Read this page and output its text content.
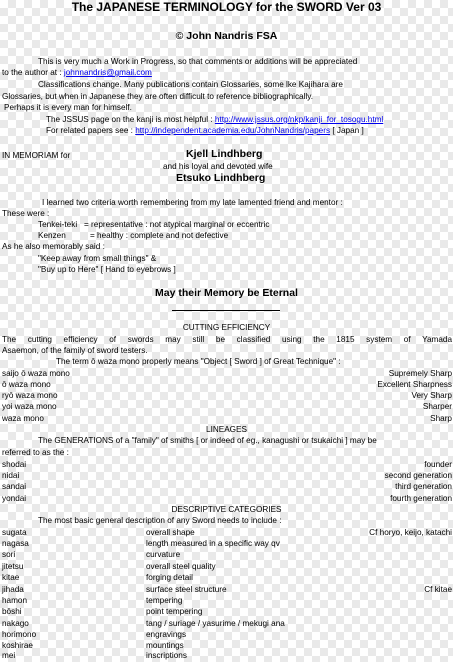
The JAPANESE TERMINOLOGY for the SWORD Ver 03
© John Nandris FSA
This is very much a Work in Progress, so that comments or additions will be appreciated
to the author at : johnnandris@gmail.com
Classifications change. Many publications contain Glossaries, some lke Kajihara are
Glossaries, but when in Japanese they are often difficult to reference bibliographically.
Perhaps it is every man for himself.
The JSSUS page on the kanji is most helpful : http://www.jssus.org/nkp/kanji_for_tosogu.html
For related papers see : http://independent.academia.edu/JohnNandris/papers [ Japan ]
IN MEMORIAM for	Kjell Lindhberg
and his loyal and devoted wife
Etsuko Lindhberg
I learned two criteria worth remembering from my late lamented friend and mentor :
These were :
Tenkei-teki = representative : not atypical marginal or eccentric
Kenzen	= healthy : complete and not defective
As he also memorably said :
"Keep away from small things" &
"Buy up to Here" [ Hand to eyebrows ]
May their Memory be Eternal
CUTTING EFFICIENCY
The cutting efficiency of swords may still be classified using the 1815 system of Yamada
Asaemon, of the family of sword testers.
The term ō waza mono properly means "Object [ Sword ] of Great Technique" :
saijo ō waza mono	Supremely Sharp
ō waza mono	Excellent Sharpness
ryō waza mono	Very Sharp
yoi waza mono	Sharper
waza mono	Sharp
LINEAGES
The GENERATIONS of a "family" of smiths [ or indeed of eg., kanagushi or tsukaichi ] may be
referred to as the :
shodai	founder
nidai	second generation
sandai	third generation
yondai	fourth generation
DESCRIPTIVE CATEGORIES
The most basic general description of any Sword needs to include :
sugata	overall shape	Cf horyo, keijo, katachi
nagasa	length measured in a specific way qv
sori	curvature
jitetsu	overall steel quality
kitae	forging detail
jihada	surface steel structure	Cf kitae
hamon	tempering
bōshi	point tempering
nakago	tang / suriage / yasurime / mekugi ana
horimono	engravings
koshirae	mountings
mei	inscriptions
